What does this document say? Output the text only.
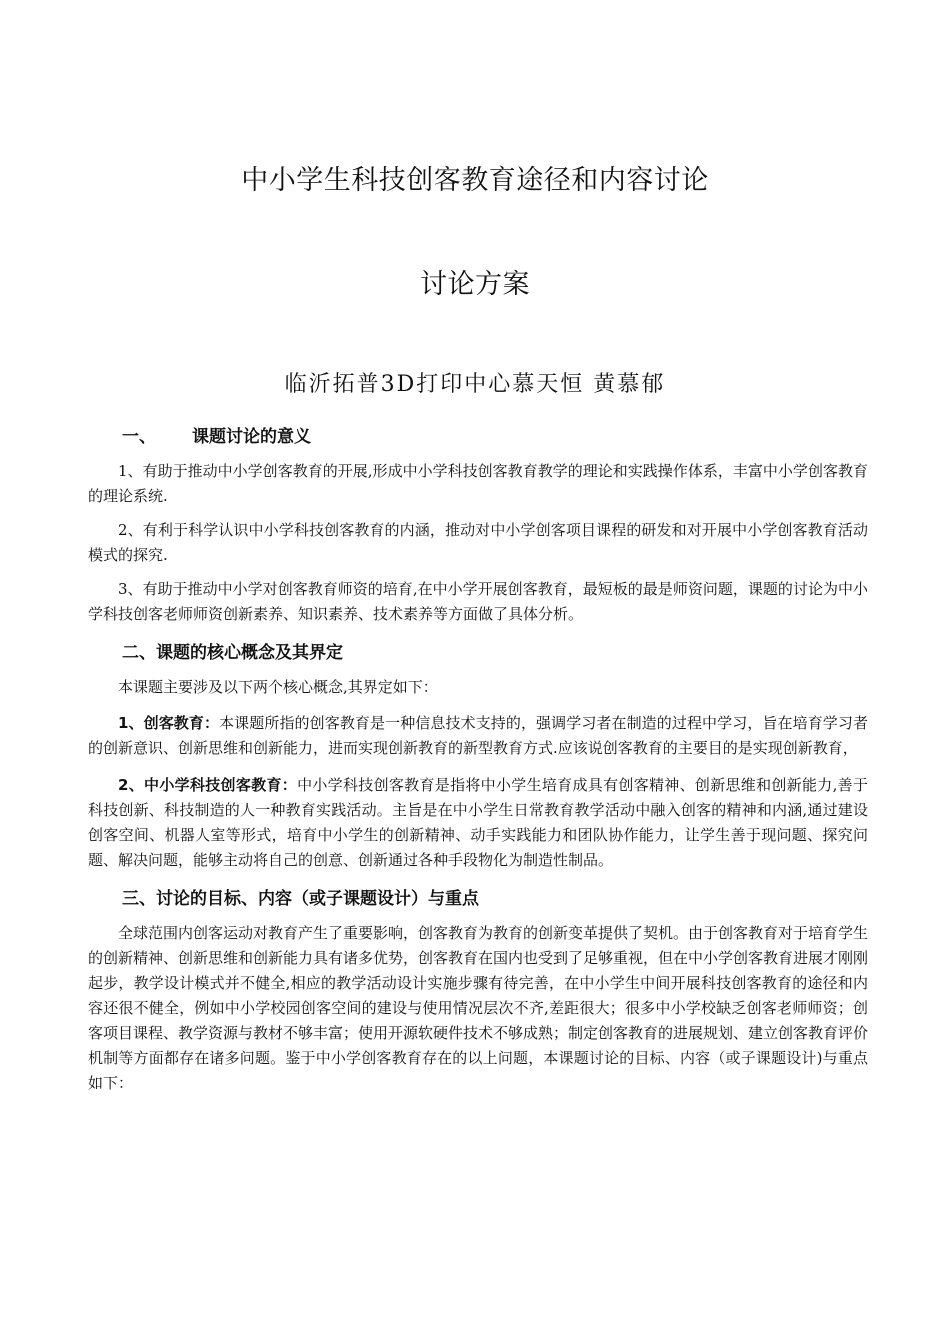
中小学生科技创客教育途径和内容讨论
讨论方案

临沂拓普3D打印中心慕天恒 黄慕郁

一、 课题讨论的意义

1、有助于推动中小学创客教育的开展,形成中小学科技创客教育教学的理论和实践操作体系，丰富中小学创客教育的理论系统.

2、有利于科学认识中小学科技创客教育的内涵，推动对中小学创客项目课程的研发和对开展中小学创客教育活动模式的探究.

3、有助于推动中小学对创客教育师资的培育,在中小学开展创客教育，最短板的最是师资问题，课题的讨论为中小学科技创客老师师资创新素养、知识素养、技术素养等方面做了具体分析。

二、课题的核心概念及其界定

本课题主要涉及以下两个核心概念,其界定如下：

1、创客教育：本课题所指的创客教育是一种信息技术支持的，强调学习者在制造的过程中学习，旨在培育学习者的创新意识、创新思维和创新能力，进而实现创新教育的新型教育方式.应该说创客教育的主要目的是实现创新教育，

2、中小学科技创客教育：中小学科技创客教育是指将中小学生培育成具有创客精神、创新思维和创新能力,善于科技创新、科技制造的人一种教育实践活动。主旨是在中小学生日常教育教学活动中融入创客的精神和内涵,通过建设创客空间、机器人室等形式，培育中小学生的创新精神、动手实践能力和团队协作能力，让学生善于现问题、探究问题、解决问题，能够主动将自己的创意、创新通过各种手段物化为制造性制品。

三、讨论的目标、内容（或子课题设计）与重点

全球范围内创客运动对教育产生了重要影响，创客教育为教育的创新变革提供了契机。由于创客教育对于培育学生的创新精神、创新思维和创新能力具有诸多优势，创客教育在国内也受到了足够重视，但在中小学创客教育进展才刚刚起步，教学设计模式并不健全,相应的教学活动设计实施步骤有待完善，在中小学生中间开展科技创客教育的途径和内容还很不健全，例如中小学校园创客空间的建设与使用情况层次不齐,差距很大；很多中小学校缺乏创客老师师资；创客项目课程、教学资源与教材不够丰富；使用开源软硬件技术不够成熟；制定创客教育的进展规划、建立创客教育评价机制等方面都存在诸多问题。鉴于中小学创客教育存在的以上问题，本课题讨论的目标、内容（或子课题设计)与重点如下：
